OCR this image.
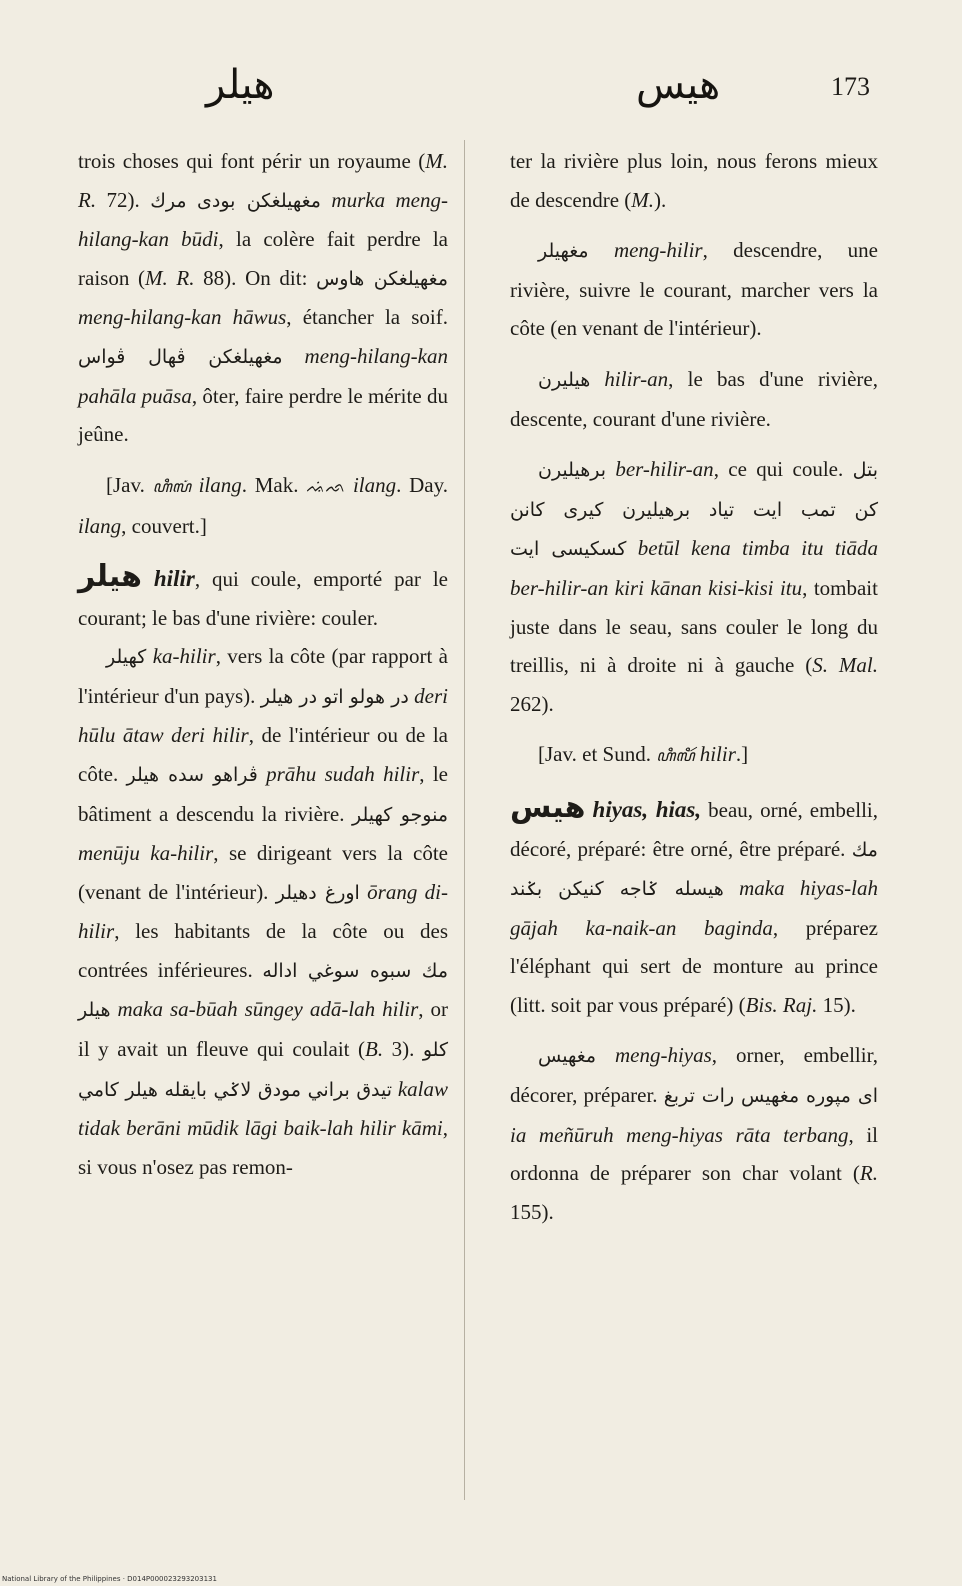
هيلر	هيس	173

trois choses qui font périr un royaume (M. R. 72). مرك مغهيلغكن بودى murka meng-hilang-kan būdi, la colère fait perdre la raison (M. R. 88). On dit: مغهيلغكن هاوس meng-hilang-kan hāwus, étancher la soif. مغهيلغكن ڤهال ڤواس meng-hilang-kan pahāla puāsa, ôter, faire perdre le mérite du jeûne.

[Jav. ꦲꦶꦭꦁ ilang. Mak. ᨕᨗᨒ ilang. Day. ilang, couvert.]

هيلر hilir, qui coule, emporté par le courant; le bas d'une rivière: couler.

كهيلر ka-hilir, vers la côte (par rapport à l'intérieur d'un pays). در هولو اتو در هيلر deri hūlu ātaw deri hilir, de l'intérieur ou de la côte. ڤراهو سده هيلر prāhu sudah hilir, le bâtiment a descendu la rivière. منوجو كهيلر menūju ka-hilir, se dirigeant vers la côte (venant de l'intérieur). اورغ دهيلر ōrang di-hilir, les habitants de la côte ou des contrées inférieures. مك سبوه سوغي اداله هيلر maka sa-būah sūngey adā-lah hilir, or il y avait un fleuve qui coulait (B. 3). كلو تيدق براني مودق لاݢي بايقله هيلر كامي kalaw tidak berāni mūdik lāgi baik-lah hilir kāmi, si vous n'osez pas remon-

ter la rivière plus loin, nous ferons mieux de descendre (M.).

مغهيلر meng-hilir, descendre, une rivière, suivre le courant, marcher vers la côte (en venant de l'intérieur).

هيليرن hilir-an, le bas d'une rivière, descente, courant d'une rivière.

برهيليرن ber-hilir-an, ce qui coule. بتل كن تمب ايت تياد برهيليرن كيرى كانن كسكيسى ايت betūl kena timba itu tiāda ber-hilir-an kiri kānan kisi-kisi itu, tombait juste dans le seau, sans couler le long du treillis, ni à droite ni à gauche (S. Mal. 262).

[Jav. et Sund. ꦲꦶꦭꦶꦂ hilir.]

هيس hiyas, hias, beau, orné, embelli, décoré, préparé: être orné, être préparé. مك هيسله ݢاجه كنيكن بݢند maka hiyas-lah gājah ka-naik-an baginda, préparez l'éléphant qui sert de monture au prince (litt. soit par vous préparé) (Bis. Raj. 15).

مغهيس meng-hiyas, orner, embellir, décorer, préparer. اى مپوره مغهيس رات تربغ ia meñūruh meng-hiyas rāta terbang, il ordonna de préparer son char volant (R. 155).

National Library of the Philippines · D014P000023293203131
